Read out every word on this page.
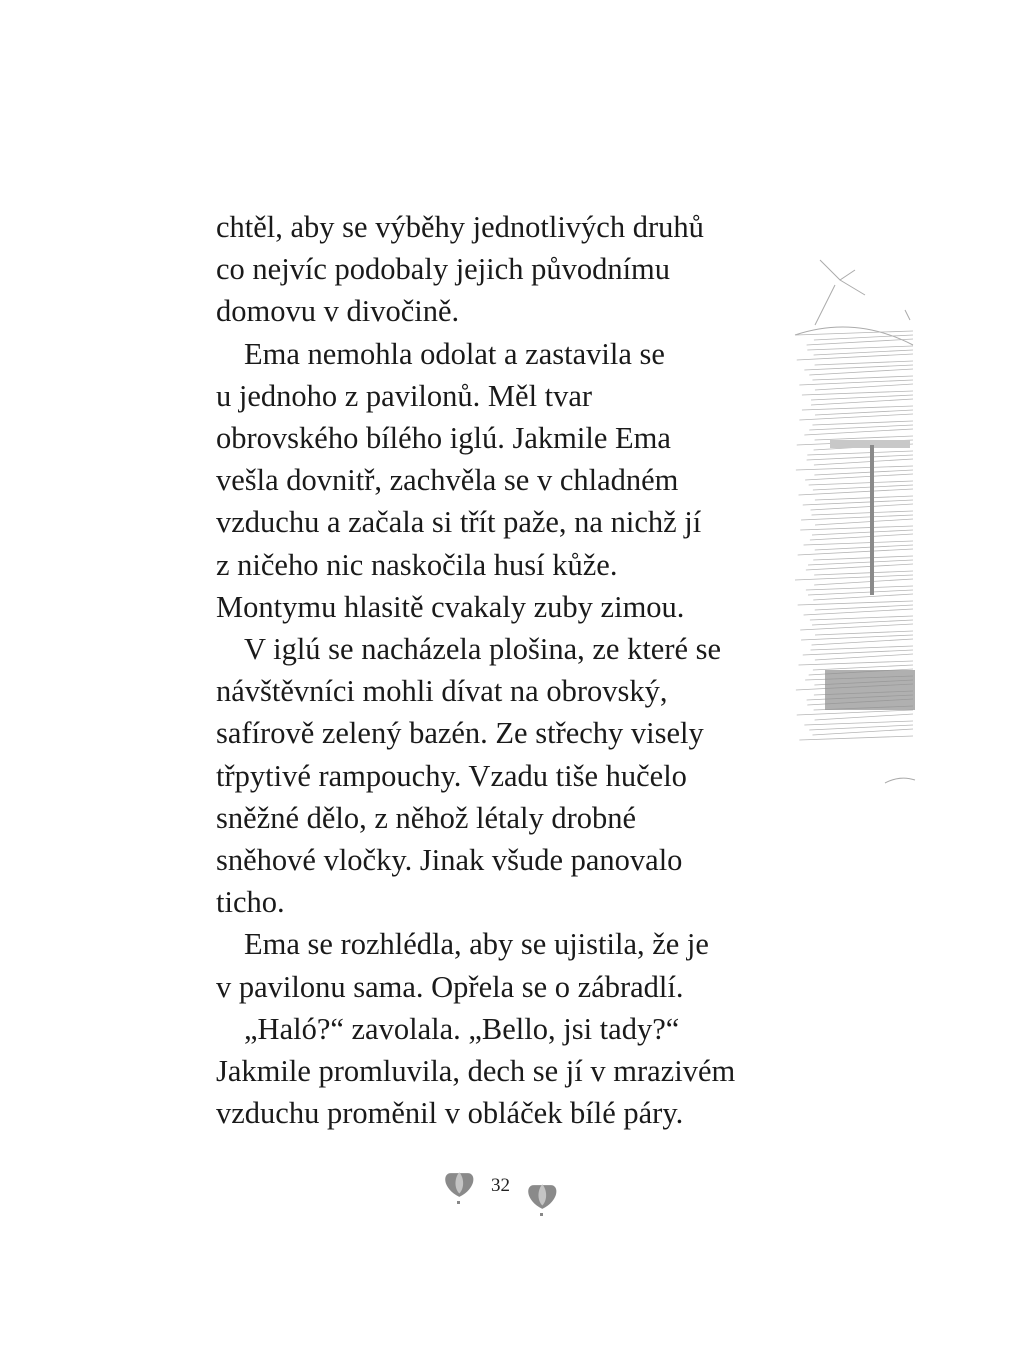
chtěl, aby se výběhy jednotlivých druhů
co nejvíc podobaly jejich původnímu
domovu v divočině.
Ema nemohla odolat a zastavila se
u jednoho z pavilonů. Měl tvar
obrovského bílého iglú. Jakmile Ema
vešla dovnitř, zachvěla se v chladném
vzduchu a začala si třít paže, na nichž jí
z ničeho nic naskočila husí kůže.
Montymu hlasitě cvakaly zuby zimou.
V iglú se nacházela plošina, ze které se
návštěvníci mohli dívat na obrovský,
safírově zelený bazén. Ze střechy visely
třpytivé rampouchy. Vzadu tiše hučelo
sněžné dělo, z něhož létaly drobné
sněhové vločky. Jinak všude panovalo
ticho.
Ema se rozhlédla, aby se ujistila, že je
v pavilonu sama. Opřela se o zábradlí.
„Haló?“ zavolala. „Bello, jsi tady?“
Jakmile promluvila, dech se jí v mrazivém
vzduchu proměnil v obláček bílé páry.
32
